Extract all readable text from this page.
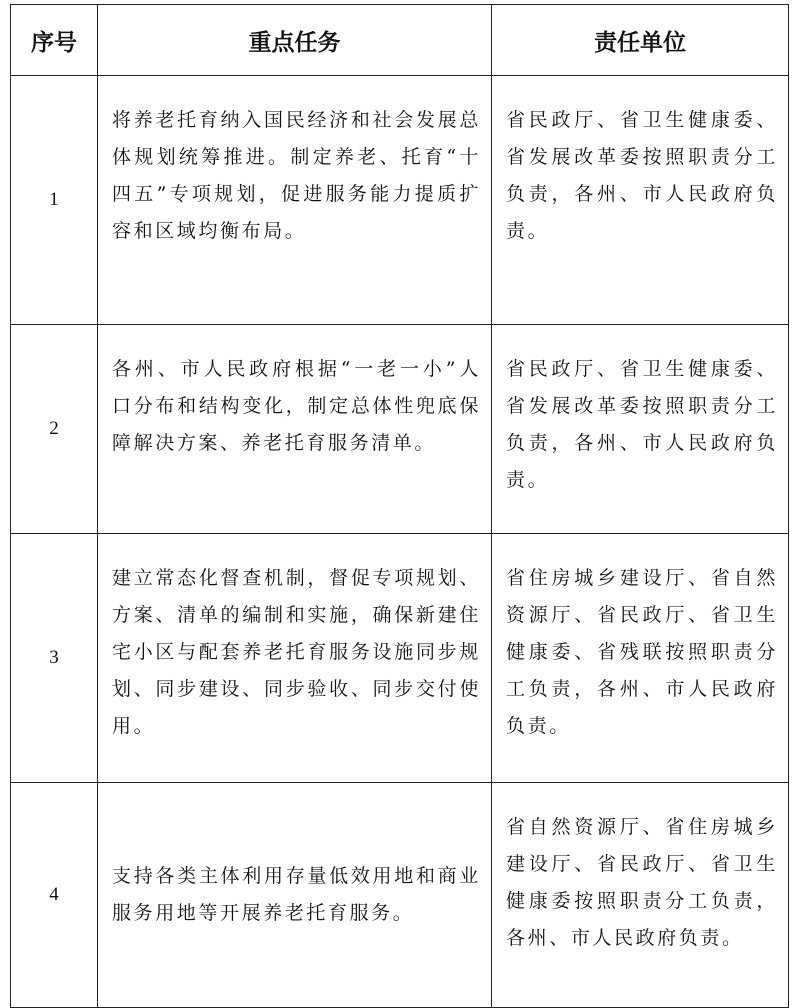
序号	重点任务	责任单位
1	将养老托育纳入国民经济和社会发展总体规划统筹推进。制定养老、托育“十四五”专项规划，促进服务能力提质扩容和区域均衡布局。	省民政厅、省卫生健康委、省发展改革委按照职责分工负责，各州、市人民政府负责。
2	各州、市人民政府根据“一老一小”人口分布和结构变化，制定总体性兜底保障解决方案、养老托育服务清单。	省民政厅、省卫生健康委、省发展改革委按照职责分工负责，各州、市人民政府负责。
3	建立常态化督查机制，督促专项规划、方案、清单的编制和实施，确保新建住宅小区与配套养老托育服务设施同步规划、同步建设、同步验收、同步交付使用。	省住房城乡建设厅、省自然资源厅、省民政厅、省卫生健康委、省残联按照职责分工负责，各州、市人民政府负责。
4	支持各类主体利用存量低效用地和商业服务用地等开展养老托育服务。	省自然资源厅、省住房城乡建设厅、省民政厅、省卫生健康委按照职责分工负责，各州、市人民政府负责。
